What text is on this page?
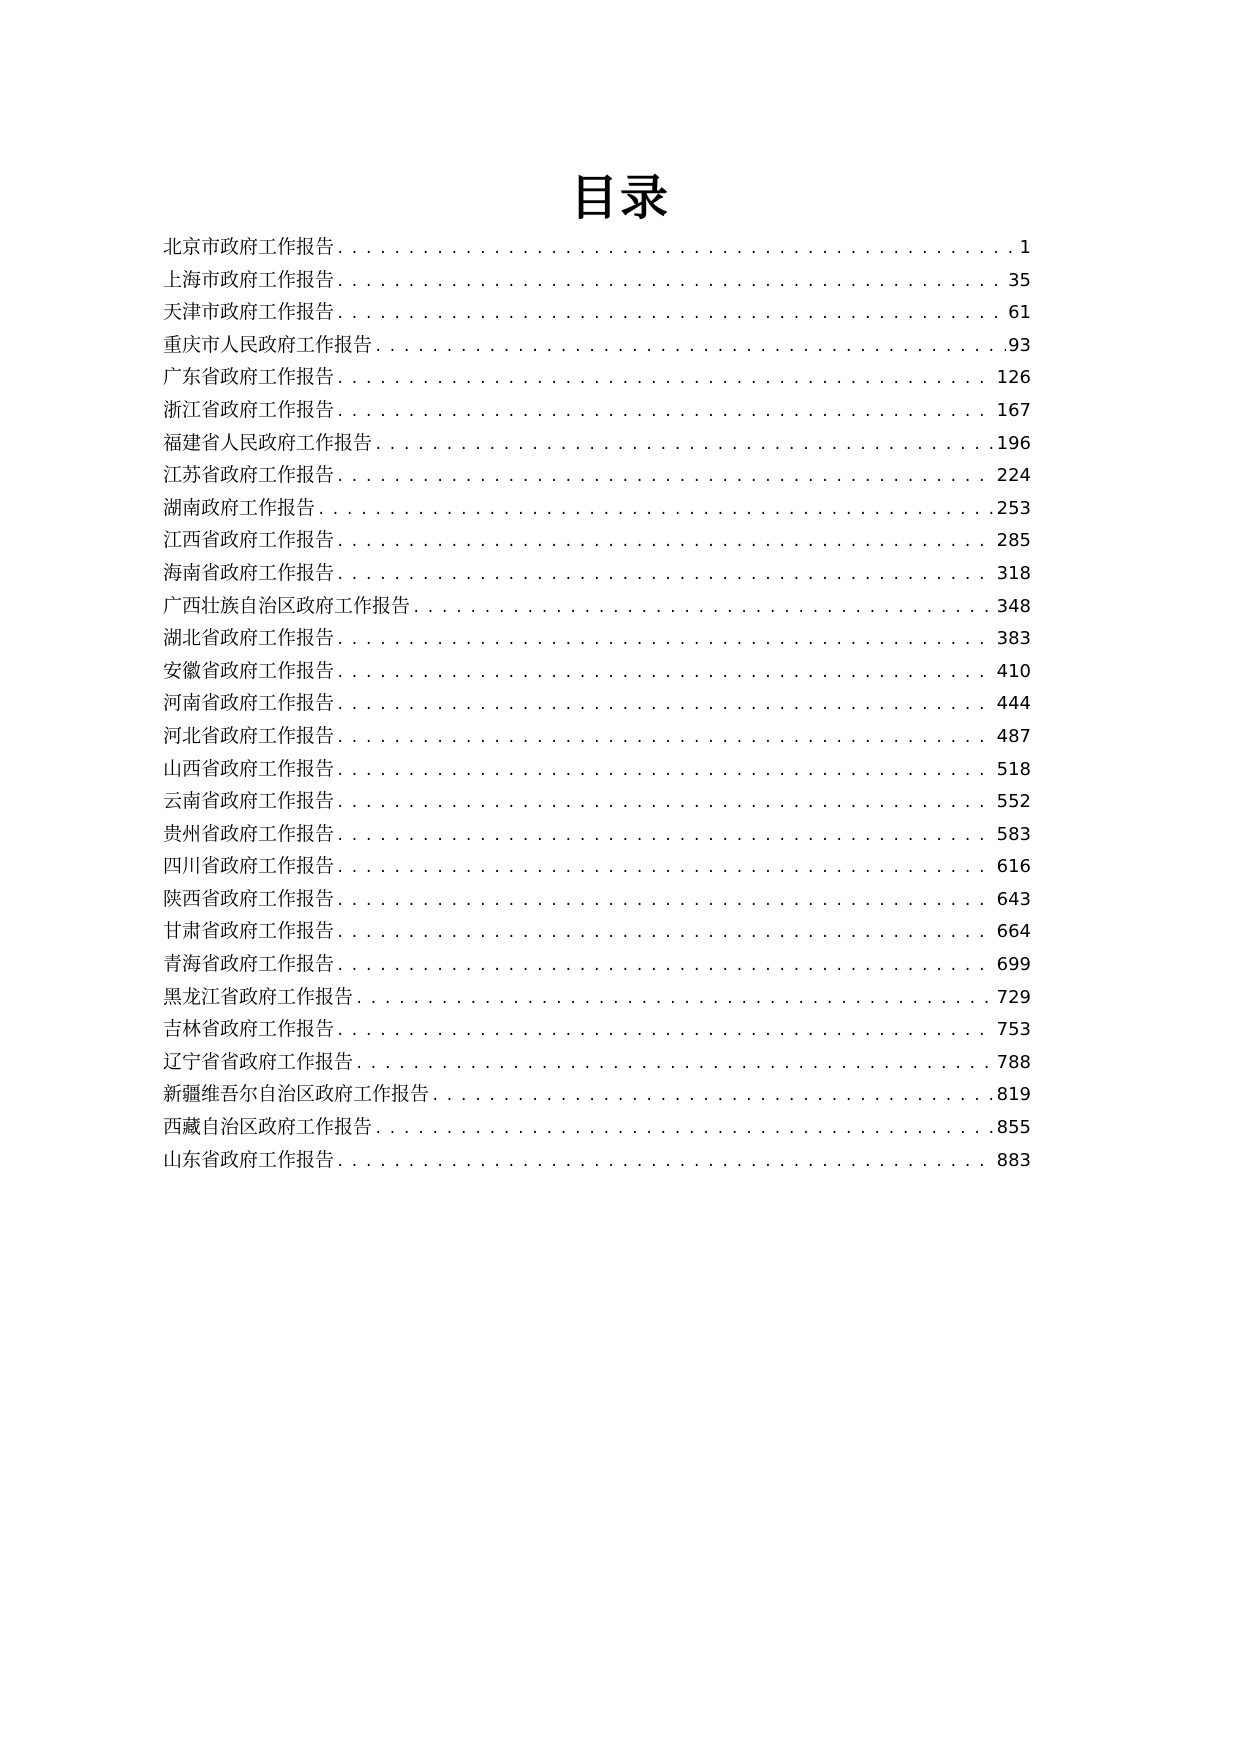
目录
北京市政府工作报告 . . .	1
上海市政府工作报告 . . .	35
天津市政府工作报告 . . .	61
重庆市人民政府工作报告 . . .	93
广东省政府工作报告 . . .	126
浙江省政府工作报告 . . .	167
福建省人民政府工作报告 . . .	196
江苏省政府工作报告 . . .	224
湖南政府工作报告 . . .	253
江西省政府工作报告 . . .	285
海南省政府工作报告 . . .	318
广西壮族自治区政府工作报告 . . .	348
湖北省政府工作报告 . . .	383
安徽省政府工作报告 . . .	410
河南省政府工作报告 . . .	444
河北省政府工作报告 . . .	487
山西省政府工作报告 . . .	518
云南省政府工作报告 . . .	552
贵州省政府工作报告 . . .	583
四川省政府工作报告 . . .	616
陕西省政府工作报告 . . .	643
甘肃省政府工作报告 . . .	664
青海省政府工作报告 . . .	699
黑龙江省政府工作报告 . . .	729
吉林省政府工作报告 . . .	753
辽宁省省政府工作报告 . . .	788
新疆维吾尔自治区政府工作报告 . . .	819
西藏自治区政府工作报告 . . .	855
山东省政府工作报告 . . .	883
